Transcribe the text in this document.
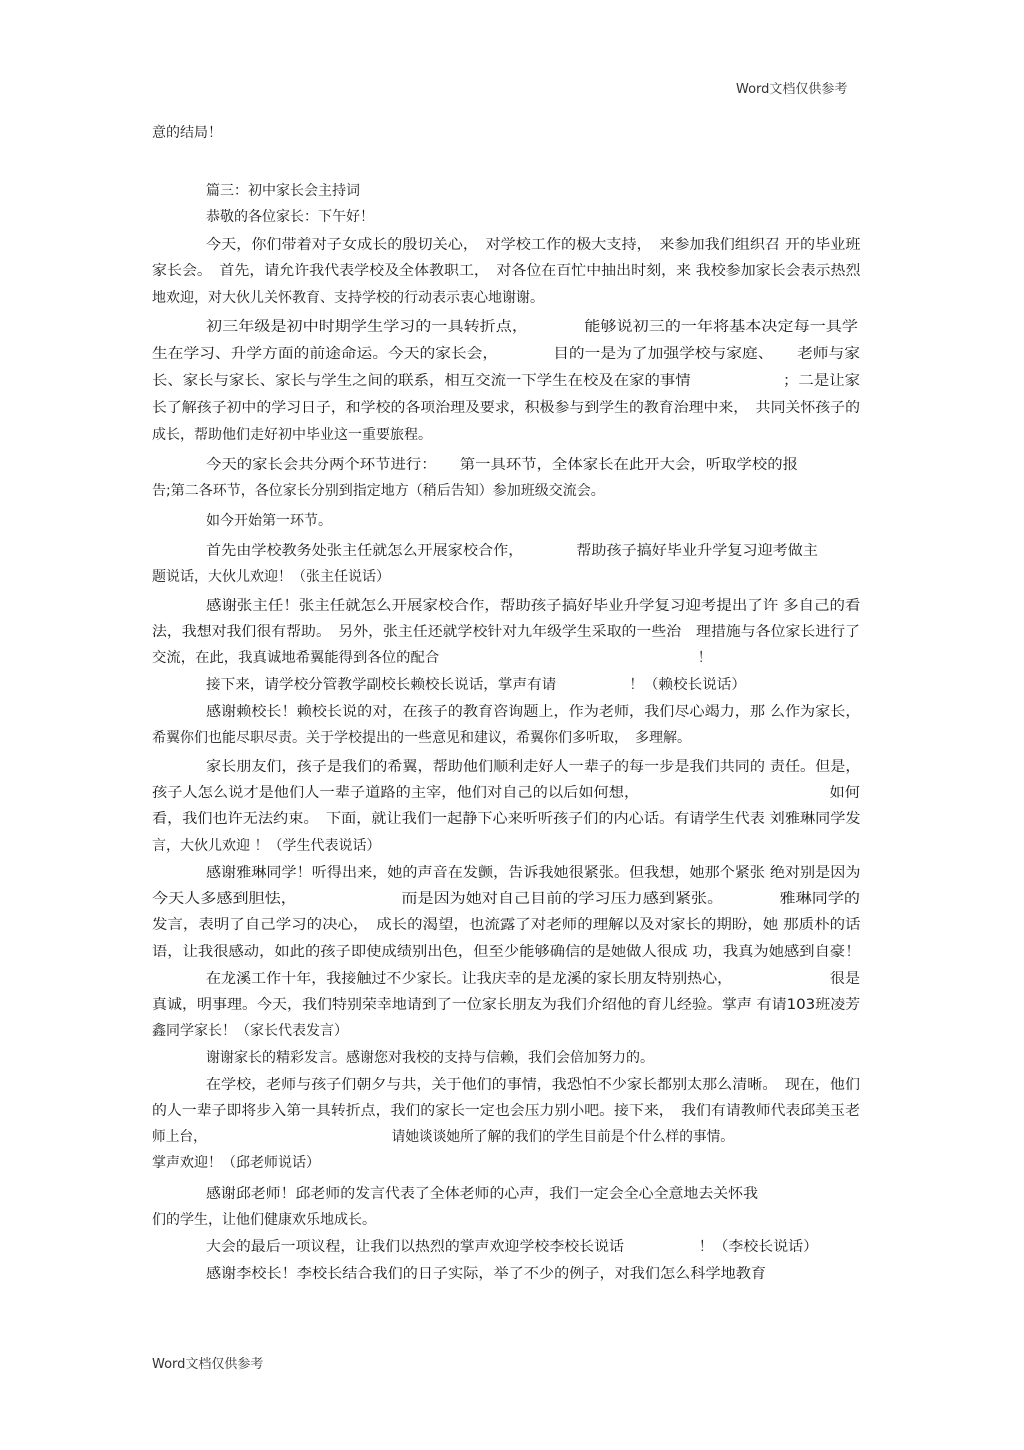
Word文档仅供参考
意的结局！
篇三：初中家长会主持词
恭敬的各位家长：下午好！
今天，你们带着对子女成长的殷切关心，　对学校工作的极大支持，　来参加我们组织召 开的毕业班
家长会。　首先，请允许我代表学校及全体教职工，　对各位在百忙中抽出时刻，来 我校参加家长会表示热烈
地欢迎，对大伙儿关怀教育、支持学校的行动表示衷心地谢谢。
初三年级是初中时期学生学习的一具转折点，　　　　能够说初三的一年将基本决定每一具学
生在学习、升学方面的前途命运。今天的家长会，　　　　目的一是为了加强学校与家庭、　　老师与家
长、家长与家长、家长与学生之间的联系，相互交流一下学生在校及在家的事情　　　　　　；二是让家
长了解孩子初中的学习日子，和学校的各项治理及要求，积极参与到学生的教育治理中来，　共同关怀孩子的
成长，帮助他们走好初中毕业这一重要旅程。
今天的家长会共分两个环节进行：　　第一具环节，全体家长在此开大会，听取学校的报
告;第二各环节，各位家长分别到指定地方（稍后告知）参加班级交流会。
如今开始第一环节。
首先由学校教务处张主任就怎么开展家校合作，　　　　帮助孩子搞好毕业升学复习迎考做主
题说话，大伙儿欢迎！（张主任说话）
感谢张主任！张主任就怎么开展家校合作，帮助孩子搞好毕业升学复习迎考提出了许 多自己的看
法，我想对我们很有帮助。　另外，张主任还就学校针对九年级学生采取的一些治　理措施与各位家长进行了
交流，在此，我真诚地希翼能得到各位的配合　　　　　　　　　　　　　　　　　　！
接下来，请学校分管教学副校长赖校长说话，掌声有请　　　　　！（赖校长说话）
感谢赖校长！赖校长说的对，在孩子的教育咨询题上，作为老师，我们尽心竭力，那 么作为家长，
希翼你们也能尽职尽责。关于学校提出的一些意见和建议，希翼你们多听取，　多理解。
家长朋友们，孩子是我们的希翼，帮助他们顺利走好人一辈子的每一步是我们共同的 责任。但是，
孩子人怎么说才是他们人一辈子道路的主宰，他们对自己的以后如何想，　　　　　　　　　　　　　如何
看，我们也许无法约束。　下面，就让我们一起静下心来听听孩子们的内心话。有请学生代表 刘雅琳同学发
言，大伙儿欢迎 ！（学生代表说话）
感谢雅琳同学！听得出来，她的声音在发颤，告诉我她很紧张。但我想，她那个紧张 绝对别是因为
今天人多感到胆怯，　　　　　　　而是因为她对自己目前的学习压力感到紧张。　　　　雅琳同学的
发言，表明了自己学习的决心，　成长的渴望，也流露了对老师的理解以及对家长的期盼，她 那质朴的话
语，让我很感动，如此的孩子即使成绩别出色，但至少能够确信的是她做人很成 功，我真为她感到自豪！
在龙溪工作十年，我接触过不少家长。让我庆幸的是龙溪的家长朋友特别热心，　　　　　　　很是
真诚，明事理。今天，我们特别荣幸地请到了一位家长朋友为我们介绍他的育儿经验。掌声 有请103班凌芳
鑫同学家长！（家长代表发言）
谢谢家长的精彩发言。感谢您对我校的支持与信赖，我们会倍加努力的。
在学校，老师与孩子们朝夕与共，关于他们的事情，我恐怕不少家长都别太那么清晰。　现在，他们
的人一辈子即将步入第一具转折点，我们的家长一定也会压力别小吧。接下来，　我们有请教师代表邱美玉老
师上台，　　　　　　　　　　　　　　请她谈谈她所了解的我们的学生目前是个什么样的事情。
掌声欢迎！（邱老师说话）
感谢邱老师！邱老师的发言代表了全体老师的心声，我们一定会全心全意地去关怀我
们的学生，让他们健康欢乐地成长。
大会的最后一项议程，让我们以热烈的掌声欢迎学校李校长说话　　　　　！（李校长说话）
感谢李校长！李校长结合我们的日子实际，举了不少的例子，对我们怎么科学地教育
Word文档仅供参考
